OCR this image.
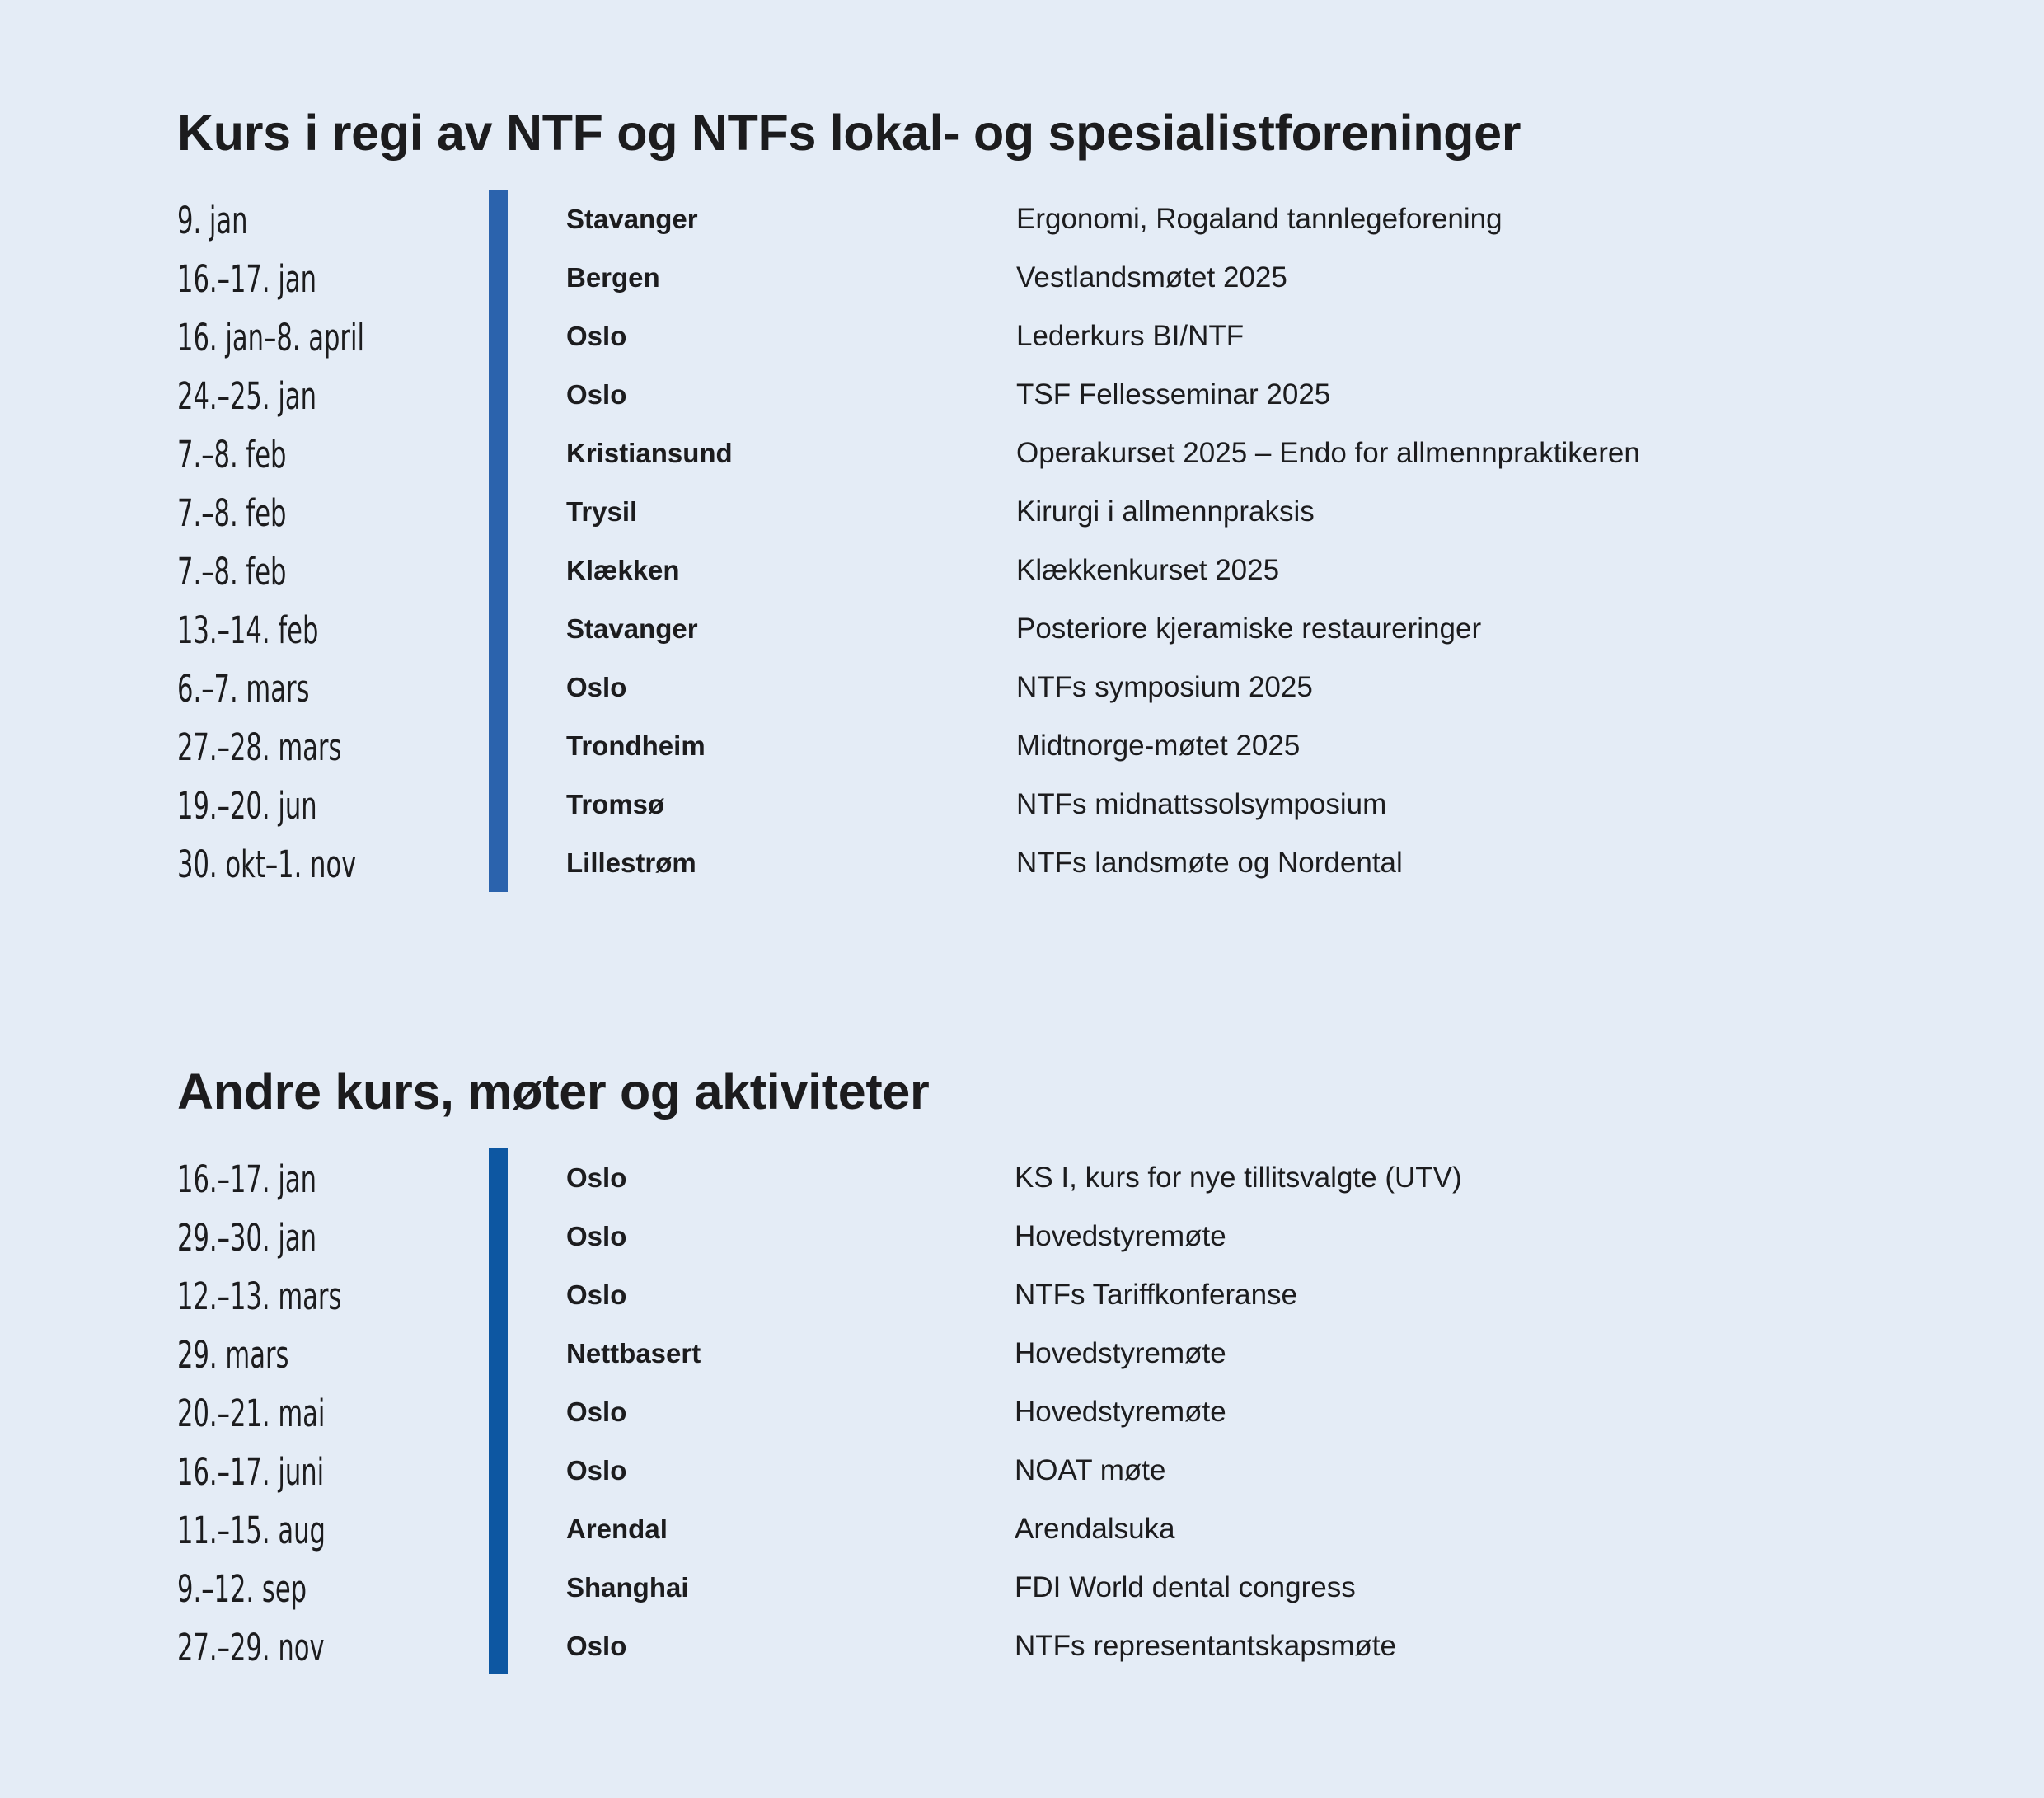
Kurs i regi av NTF og NTFs lokal- og spesialistforeninger
9. jan	Stavanger	Ergonomi, Rogaland tannlegeforening
16.–17. jan	Bergen	Vestlandsmøtet 2025
16. jan–8. april	Oslo	Lederkurs BI/NTF
24.–25. jan	Oslo	TSF Fellesseminar 2025
7.–8. feb	Kristiansund	Operakurset 2025 – Endo for allmennpraktikeren
7.–8. feb	Trysil	Kirurgi i allmennpraksis
7.–8. feb	Klækken	Klækkenkurset 2025
13.–14. feb	Stavanger	Posteriore kjeramiske restaureringer
6.–7. mars	Oslo	NTFs symposium 2025
27.–28. mars	Trondheim	Midtnorge-møtet 2025
19.–20. jun	Tromsø	NTFs midnattssolsymposium
30. okt–1. nov	Lillestrøm	NTFs landsmøte og Nordental
Andre kurs, møter og aktiviteter
16.–17. jan	Oslo	KS I, kurs for nye tillitsvalgte (UTV)
29.–30. jan	Oslo	Hovedstyremøte
12.–13. mars	Oslo	NTFs Tariffkonferanse
29. mars	Nettbasert	Hovedstyremøte
20.–21. mai	Oslo	Hovedstyremøte
16.–17. juni	Oslo	NOAT møte
11.–15. aug	Arendal	Arendalsuka
9.–12. sep	Shanghai	FDI World dental congress
27.–29. nov	Oslo	NTFs representantskapsmøte
